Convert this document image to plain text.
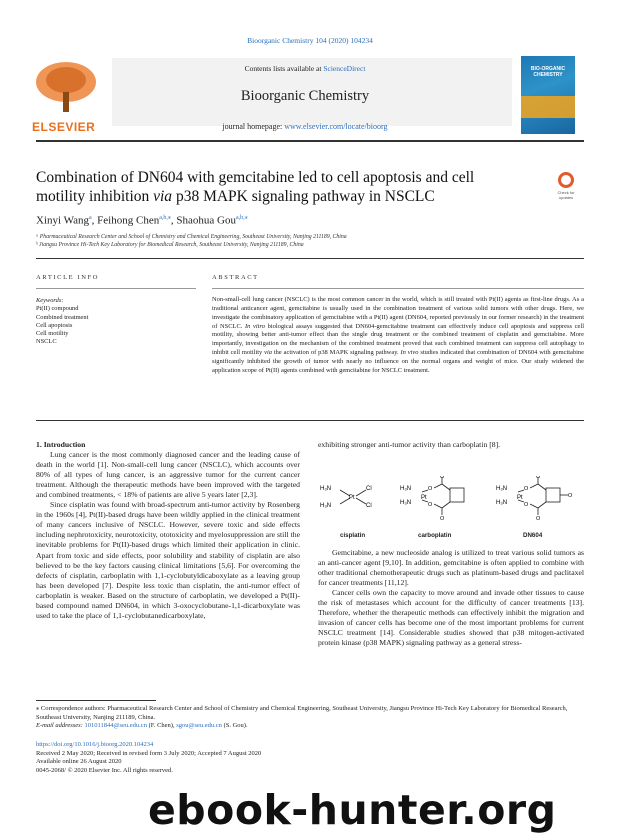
Bioorganic Chemistry 104 (2020) 104234
ELSEVIER
Contents lists available at ScienceDirect
Bioorganic Chemistry
journal homepage: www.elsevier.com/locate/bioorg
BIO-ORGANIC CHEMISTRY
Combination of DN604 with gemcitabine led to cell apoptosis and cell motility inhibition via p38 MAPK signaling pathway in NSCLC	Check for updates
Xinyi Wang$^a$, Feihong Chen$^{a,b,⁎}$, Shaohua Gou$^{a,b,⁎}$
ᵃ Pharmaceutical Research Center and School of Chemistry and Chemical Engineering, Southeast University, Nanjing 211189, China
ᵇ Jiangsu Province Hi-Tech Key Laboratory for Biomedical Research, Southeast University, Nanjing 211189, China
ARTICLE INFO	ABSTRACT
Keywords:
Pt(II) compound
Combined treatment
Cell apoptosis
Cell motility
NSCLC
Non-small-cell lung cancer (NSCLC) is the most common cancer in the world, which is still treated with Pt(II) agents as first-line drugs. As a traditional anticancer agent, gemcitabine is usually used in the combination treatment of various solid tumors with other drugs. Here, we investigate the combinatory application of gemcitabine with a Pt(II) agent (DN604, reported previously in our former research) in the treatment of NSCLC. In vitro biological assays suggested that DN604-gemcitabine treatment can effectively induce cell apoptosis and suppress cell motility, showing better anti-tumor effect than the single drug treatment or the combined treatment of cisplatin and gemcitabine. More importantly, investigation on the mechanism of the combined treatment proved that such combined treatment can suppress cell autophagy to inhibit cell motility via the activation of p38 MAPK signaling pathway. In vivo studies indicated that combination of DN604 with gemcitabine significantly inhibited the growth of tumor with nearly no influence on the normal organs and weight of mice. Our study widened the application scope of Pt(II) agents combined with gemcitabine for NSCLC treatment.

1. Introduction

Lung cancer is the most commonly diagnosed cancer and the leading cause of death in the world [1]. Non-small-cell lung cancer (NSCLC), which accounts over 80% of all types of lung cancer, is an aggressive tumor for the current cancer treatment. Although the therapeutic methods have been improved with the targeted and combined treatments, < 18% of patients are alive 5 years later [2,3].

Since cisplatin was found with broad-spectrum anti-tumor activity by Rosenberg in the 1960s [4], Pt(II)-based drugs have been wildly applied in the clinical treatment of many cancers inclusive of NSCLC. However, severe toxic and side effects including nephrotoxicity, neurotoxicity, ototoxicity and myelosuppression are still the inevitable problems for Pt(II)-based drugs which limited their application in clinic. Apart from toxic and side effects, poor solubility and stability of cisplatin are also believed to be the key factors causing clinical limitations [5,6]. For overcoming the defects of cisplatin, carboplatin with 1,1-cyclobutyldicaboxylate as a leaving group has been developed [7]. Despite less toxic than cisplatin, the anti-tumor effect of carboplatin is weaker. Based on the structure of carboplatin, we developed a Pt(II)-based compound named DN604, in which 3-oxocyclobutane-1,1-dicarboxylate was used to take the place of 1,1-cyclobutanedicarboxylate,

exhibiting stronger anti-tumor activity than carboplatin [8].

H₃N
H₃N
Pt
Cl
Cl
H₃N
H₃N
Pt
O
O
O
O
H₃N
H₃N
Pt
O
O
O
O
O
cisplatin	carboplatin	DN604

Gemcitabine, a new nucleoside analog is utilized to treat various solid tumors as an anti-cancer agent [9,10]. In addition, gemcitabine is often applied to combine with other traditional chemotherapeutic drugs such as platinum-based drugs and paclitaxel for cancer treatments [11,12].

Cancer cells own the capacity to move around and invade other tissues to cause the risk of metastases which account for the difficulty of cancer treatments [13]. Therefore, whether the therapeutic methods can effectively inhibit the migration and invasion of cancer cells has become one of the most important problems for current NSCLC treatment [14]. Considerable studies showed that p38 mitogen-activated protein kinase (p38 MAPK) signaling pathway as a general stress-

⁎ Correspondence authors: Pharmaceutical Research Center and School of Chemistry and Chemical Engineering, Southeast University, Jiangsu Province Hi-Tech Key Laboratory for Biomedical Research, Southeast University, Nanjing 211189, China.
E-mail addresses: 101011844@seu.edu.cn (F. Chen), sgou@seu.edu.cn (S. Gou).
https://doi.org/10.1016/j.bioorg.2020.104234
Received 2 May 2020; Received in revised form 3 July 2020; Accepted 7 August 2020
Available online 26 August 2020
0045-2068/ © 2020 Elsevier Inc. All rights reserved.
ebook-hunter.org
